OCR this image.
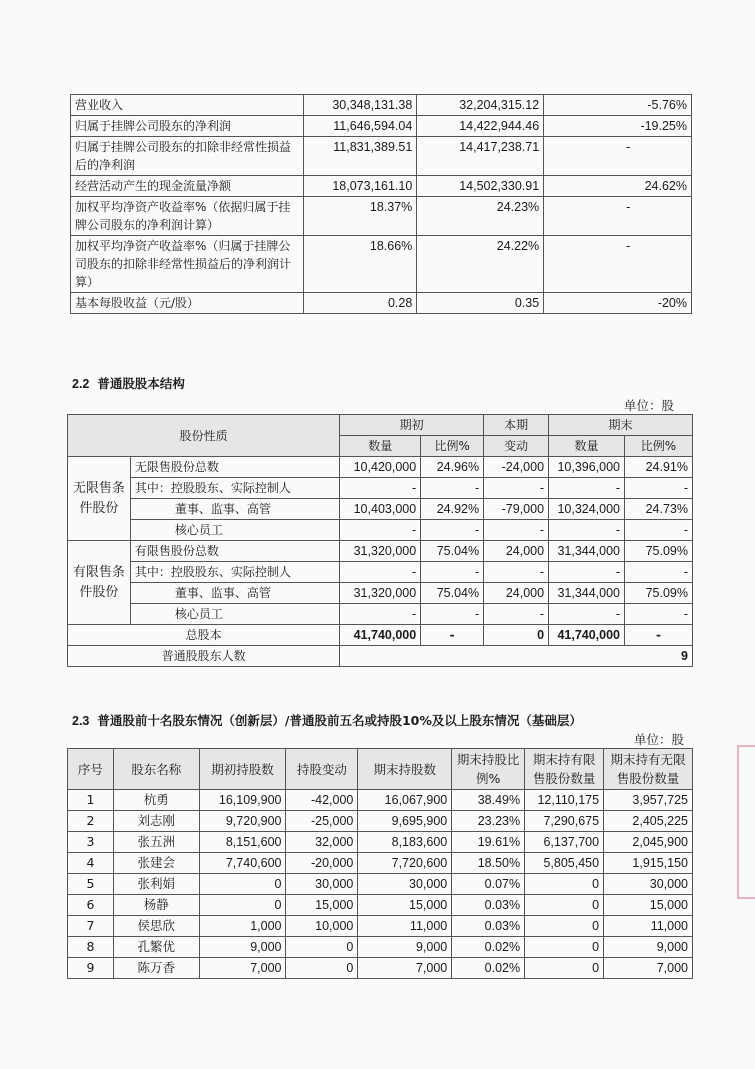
营业收入	30,348,131.38	32,204,315.12	-5.76%
归属于挂牌公司股东的净利润	11,646,594.04	14,422,944.46	-19.25%
归属于挂牌公司股东的扣除非经常性损益后的净利润	11,831,389.51	14,417,238.71	-
经营活动产生的现金流量净额	18,073,161.10	14,502,330.91	24.62%
加权平均净资产收益率%（依据归属于挂牌公司股东的净利润计算）	18.37%	24.23%	-
加权平均净资产收益率%（归属于挂牌公司股东的扣除非经常性损益后的净利润计算）	18.66%	24.22%	-
基本每股收益（元/股）	0.28	0.35	-20%
2.2 普通股股本结构
单位：股
股份性质		期初		本期	期末	
		数量	比例%	变动	数量	比例%
无限售条件股份	无限售股份总数	10,420,000	24.96%	-24,000	10,396,000	24.91%
	其中：控股股东、实际控制人	-	-	-	-	-
	董事、监事、高管	10,403,000	24.92%	-79,000	10,324,000	24.73%
	核心员工	-	-	-	-	-
有限售条件股份	有限售股份总数	31,320,000	75.04%	24,000	31,344,000	75.09%
	其中：控股股东、实际控制人	-	-	-	-	-
	董事、监事、高管	31,320,000	75.04%	24,000	31,344,000	75.09%
	核心员工	-	-	-	-	-
总股本		41,740,000	-	0	41,740,000	-
普通股股东人数		9				
2.3 普通股前十名股东情况（创新层）/普通股前五名或持股10%及以上股东情况（基础层）
单位：股
序号	股东名称	期初持股数	持股变动	期末持股数	期末持股比例%	期末持有限售股份数量	期末持有无限售股份数量
1	杭勇	16,109,900	-42,000	16,067,900	38.49%	12,110,175	3,957,725
2	刘志刚	9,720,900	-25,000	9,695,900	23.23%	7,290,675	2,405,225
3	张五洲	8,151,600	32,000	8,183,600	19.61%	6,137,700	2,045,900
4	张建会	7,740,600	-20,000	7,720,600	18.50%	5,805,450	1,915,150
5	张利娟	0	30,000	30,000	0.07%	0	30,000
6	杨静	0	15,000	15,000	0.03%	0	15,000
7	侯思欣	1,000	10,000	11,000	0.03%	0	11,000
8	孔繁优	9,000	0	9,000	0.02%	0	9,000
9	陈万香	7,000	0	7,000	0.02%	0	7,000
